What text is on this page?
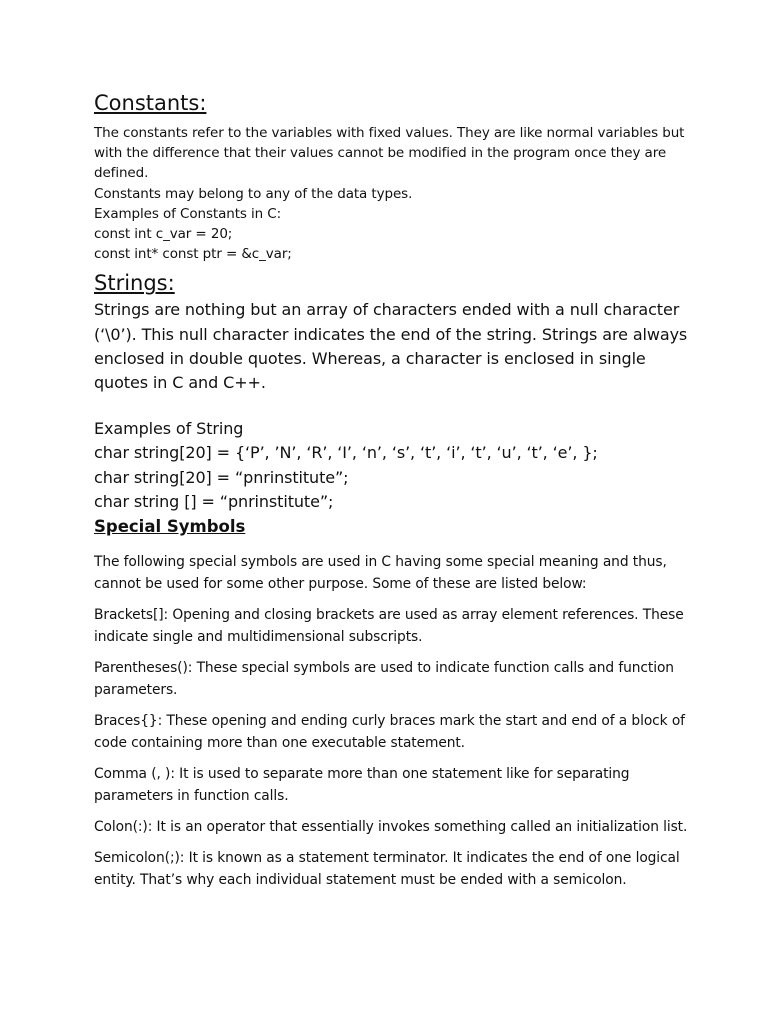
Constants:

The constants refer to the variables with fixed values. They are like normal variables but with the difference that their values cannot be modified in the program once they are defined.

Constants may belong to any of the data types.

Examples of Constants in C:

const int c_var = 20;

const int* const ptr = &c_var;

Strings:

Strings are nothing but an array of characters ended with a null character (‘\0’). This null character indicates the end of the string. Strings are always enclosed in double quotes. Whereas, a character is enclosed in single quotes in C and C++.

Examples of String

char string[20] = {‘P’, ’N’, ‘R’, ‘I’, ‘n’, ‘s’, ‘t’, ‘i’, ‘t’, ‘u’, ‘t’, ‘e’, };

char string[20] = “pnrinstitute”;

char string [] = “pnrinstitute”;

Special Symbols

The following special symbols are used in C having some special meaning and thus, cannot be used for some other purpose. Some of these are listed below:

Brackets[]: Opening and closing brackets are used as array element references. These indicate single and multidimensional subscripts.

Parentheses(): These special symbols are used to indicate function calls and function parameters.

Braces{}: These opening and ending curly braces mark the start and end of a block of code containing more than one executable statement.

Comma (, ): It is used to separate more than one statement like for separating parameters in function calls.

Colon(:): It is an operator that essentially invokes something called an initialization list.

Semicolon(;): It is known as a statement terminator. It indicates the end of one logical entity. That’s why each individual statement must be ended with a semicolon.
